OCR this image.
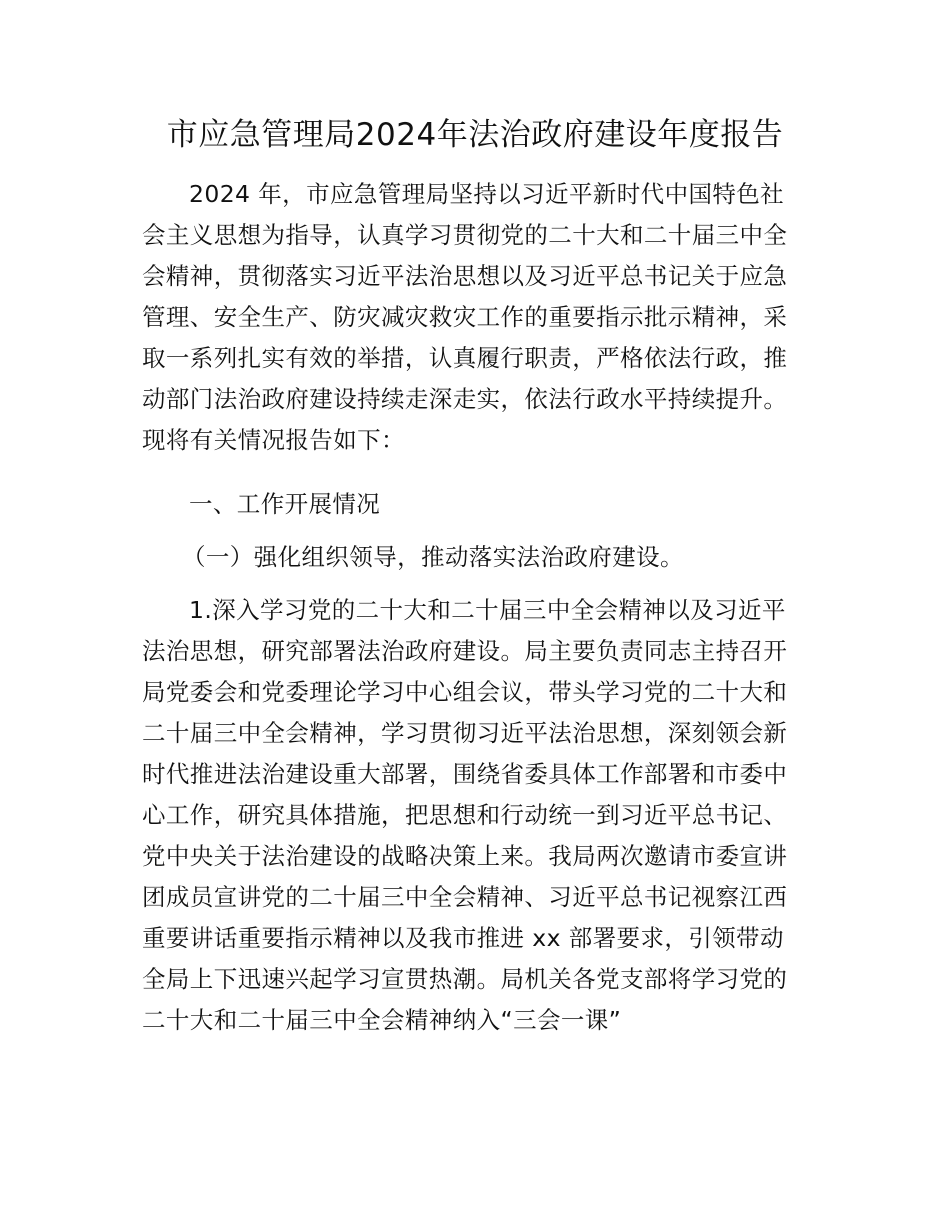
市应急管理局2024年法治政府建设年度报告
2024 年，市应急管理局坚持以习近平新时代中国特色社
会主义思想为指导，认真学习贯彻党的二十大和二十届三中全
会精神，贯彻落实习近平法治思想以及习近平总书记关于应急
管理、安全生产、防灾减灾救灾工作的重要指示批示精神，采
取一系列扎实有效的举措，认真履行职责，严格依法行政，推
动部门法治政府建设持续走深走实，依法行政水平持续提升。
现将有关情况报告如下：
一、工作开展情况
（一）强化组织领导，推动落实法治政府建设。
1.深入学习党的二十大和二十届三中全会精神以及习近平
法治思想，研究部署法治政府建设。局主要负责同志主持召开
局党委会和党委理论学习中心组会议，带头学习党的二十大和
二十届三中全会精神，学习贯彻习近平法治思想，深刻领会新
时代推进法治建设重大部署，围绕省委具体工作部署和市委中
心工作，研究具体措施，把思想和行动统一到习近平总书记、
党中央关于法治建设的战略决策上来。我局两次邀请市委宣讲
团成员宣讲党的二十届三中全会精神、习近平总书记视察江西
重要讲话重要指示精神以及我市推进 xx 部署要求，引领带动
全局上下迅速兴起学习宣贯热潮。局机关各党支部将学习党的
二十大和二十届三中全会精神纳入“三会一课”
